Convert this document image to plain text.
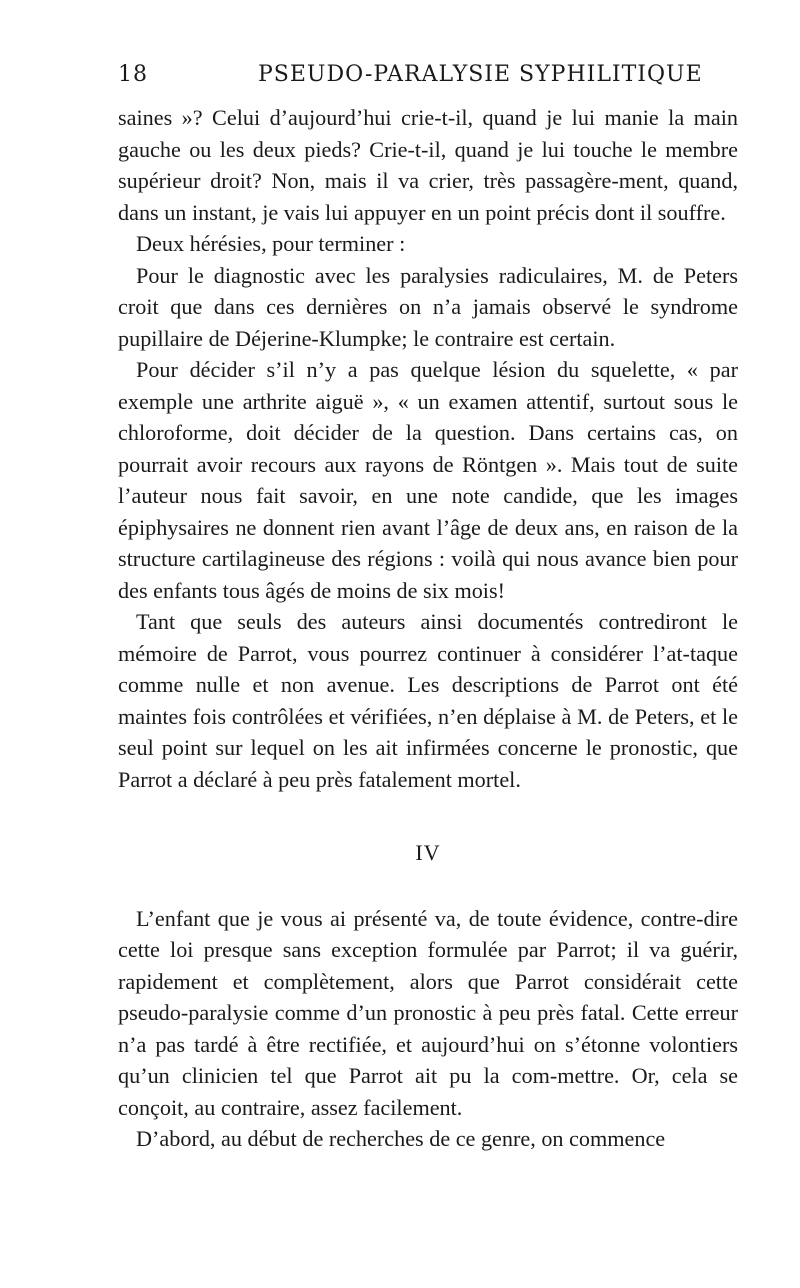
18	PSEUDO-PARALYSIE SYPHILITIQUE

saines »? Celui d’aujourd’hui crie-t-il, quand je lui manie la main gauche ou les deux pieds? Crie-t-il, quand je lui touche le membre supérieur droit? Non, mais il va crier, très passagère-ment, quand, dans un instant, je vais lui appuyer en un point précis dont il souffre.

Deux hérésies, pour terminer :

Pour le diagnostic avec les paralysies radiculaires, M. de Peters croit que dans ces dernières on n’a jamais observé le syndrome pupillaire de Déjerine-Klumpke; le contraire est certain.

Pour décider s’il n’y a pas quelque lésion du squelette, « par exemple une arthrite aiguë », « un examen attentif, surtout sous le chloroforme, doit décider de la question. Dans certains cas, on pourrait avoir recours aux rayons de Röntgen ». Mais tout de suite l’auteur nous fait savoir, en une note candide, que les images épiphysaires ne donnent rien avant l’âge de deux ans, en raison de la structure cartilagineuse des régions : voilà qui nous avance bien pour des enfants tous âgés de moins de six mois!

Tant que seuls des auteurs ainsi documentés contrediront le mémoire de Parrot, vous pourrez continuer à considérer l’at-taque comme nulle et non avenue. Les descriptions de Parrot ont été maintes fois contrôlées et vérifiées, n’en déplaise à M. de Peters, et le seul point sur lequel on les ait infirmées concerne le pronostic, que Parrot a déclaré à peu près fatalement mortel.

IV

L’enfant que je vous ai présenté va, de toute évidence, contre-dire cette loi presque sans exception formulée par Parrot; il va guérir, rapidement et complètement, alors que Parrot considérait cette pseudo-paralysie comme d’un pronostic à peu près fatal. Cette erreur n’a pas tardé à être rectifiée, et aujourd’hui on s’étonne volontiers qu’un clinicien tel que Parrot ait pu la com-mettre. Or, cela se conçoit, au contraire, assez facilement.

D’abord, au début de recherches de ce genre, on commence
